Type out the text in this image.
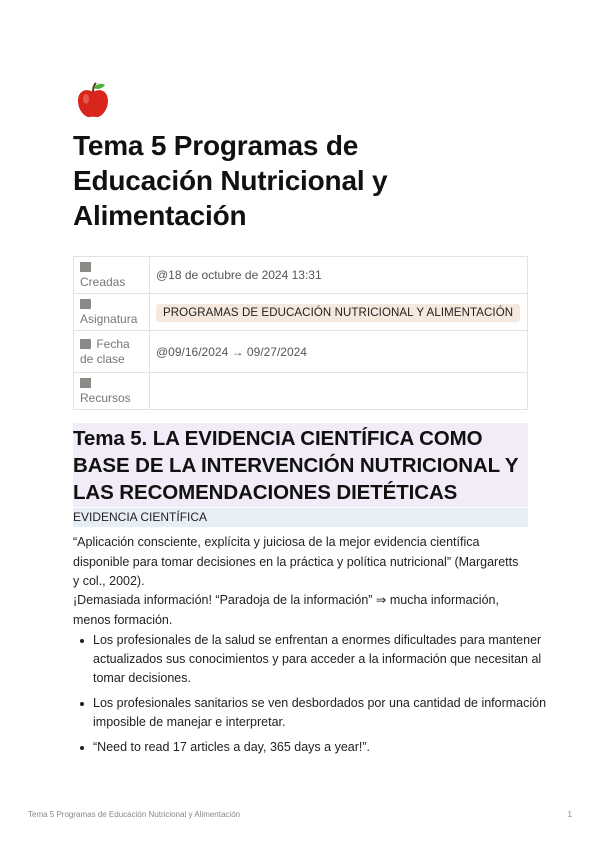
Tema 5 Programas de Educación Nutricional y Alimentación

Creadas	@18 de octubre de 2024 13:31

Asignatura	PROGRAMAS DE EDUCACIÓN NUTRICIONAL Y ALIMENTACIÓN
Fecha de clase	@09/16/2024 → 09/27/2024

Recursos	
Tema 5. LA EVIDENCIA CIENTÍFICA COMO BASE DE LA INTERVENCIÓN NUTRICIONAL Y LAS RECOMENDACIONES DIETÉTICAS
EVIDENCIA CIENTÍFICA

“Aplicación consciente, explícita y juiciosa de la mejor evidencia científica disponible para tomar decisiones en la práctica y política nutricional” (Margaretts y col., 2002).

¡Demasiada información! “Paradoja de la información” ⇒ mucha información, menos formación.

Los profesionales de la salud se enfrentan a enormes dificultades para mantener actualizados sus conocimientos y para acceder a la información que necesitan al tomar decisiones.
Los profesionales sanitarios se ven desbordados por una cantidad de información imposible de manejar e interpretar.
“Need to read 17 articles a day, 365 days a year!”.
Tema 5 Programas de Educación Nutricional y Alimentación	1
